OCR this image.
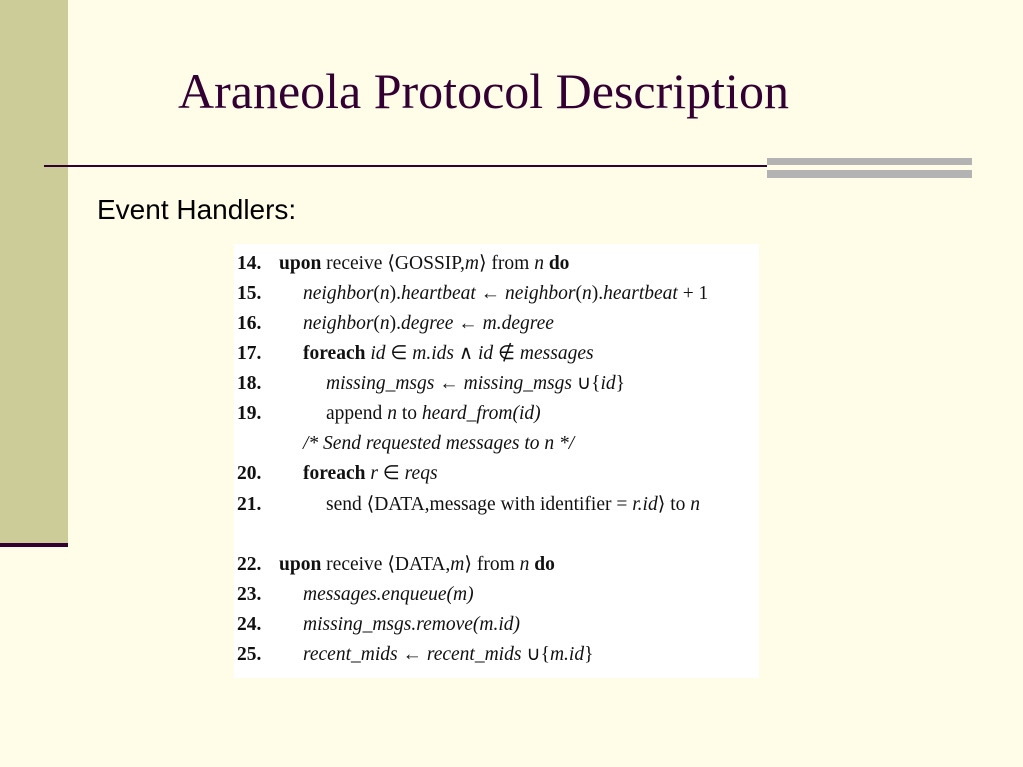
Araneola Protocol Description
Event Handlers:
14. upon receive ⟨GOSSIP,m⟩ from n do
15.	neighbor(n).heartbeat ← neighbor(n).heartbeat + 1
16.	neighbor(n).degree ← m.degree
17.	foreach id ∈ m.ids ∧ id ∉ messages
18.	missing_msgs ← missing_msgs ∪{id}
19.	append n to heard_from(id)
/* Send requested messages to n */
20.	foreach r ∈ reqs
21.	send ⟨DATA,message with identifier = r.id⟩ to n
22. upon receive ⟨DATA,m⟩ from n do
23.	messages.enqueue(m)
24.	missing_msgs.remove(m.id)
25.	recent_mids ← recent_mids ∪{m.id}
